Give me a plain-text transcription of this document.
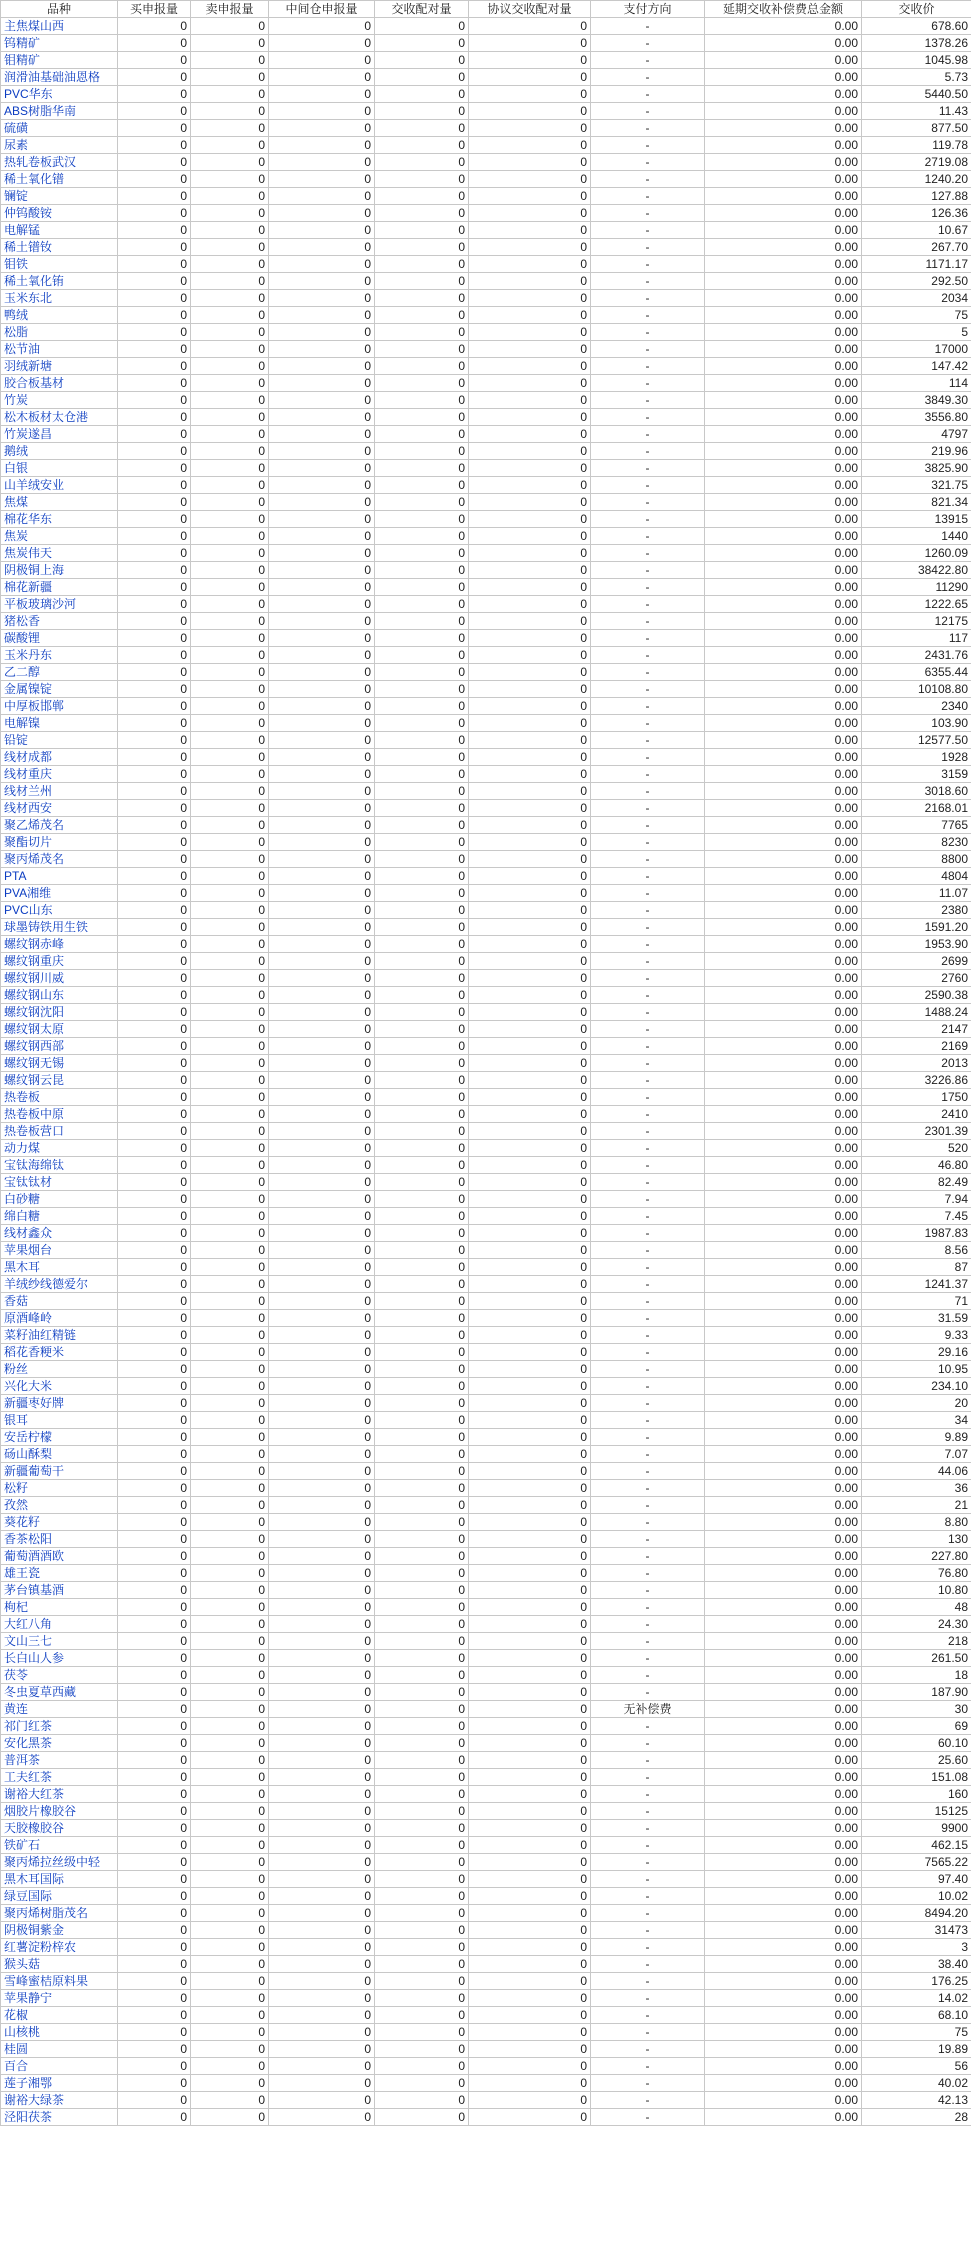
品种	买申报量	卖申报量	中间仓申报量	交收配对量	协议交收配对量	支付方向	延期交收补偿费总金额	交收价
主焦煤山西	0	0	0	0	0	-	0.00	678.60
钨精矿	0	0	0	0	0	-	0.00	1378.26
钼精矿	0	0	0	0	0	-	0.00	1045.98
润滑油基础油恩格	0	0	0	0	0	-	0.00	5.73
PVC华东	0	0	0	0	0	-	0.00	5440.50
ABS树脂华南	0	0	0	0	0	-	0.00	11.43
硫磺	0	0	0	0	0	-	0.00	877.50
尿素	0	0	0	0	0	-	0.00	119.78
热轧卷板武汉	0	0	0	0	0	-	0.00	2719.08
稀土氧化镨	0	0	0	0	0	-	0.00	1240.20
镧锭	0	0	0	0	0	-	0.00	127.88
仲钨酸铵	0	0	0	0	0	-	0.00	126.36
电解锰	0	0	0	0	0	-	0.00	10.67
稀土镨钕	0	0	0	0	0	-	0.00	267.70
钼铁	0	0	0	0	0	-	0.00	1171.17
稀土氧化铕	0	0	0	0	0	-	0.00	292.50
玉米东北	0	0	0	0	0	-	0.00	2034
鸭绒	0	0	0	0	0	-	0.00	75
松脂	0	0	0	0	0	-	0.00	5
松节油	0	0	0	0	0	-	0.00	17000
羽绒新塘	0	0	0	0	0	-	0.00	147.42
胶合板基材	0	0	0	0	0	-	0.00	114
竹炭	0	0	0	0	0	-	0.00	3849.30
松木板材太仓港	0	0	0	0	0	-	0.00	3556.80
竹炭遂昌	0	0	0	0	0	-	0.00	4797
鹅绒	0	0	0	0	0	-	0.00	219.96
白银	0	0	0	0	0	-	0.00	3825.90
山羊绒安业	0	0	0	0	0	-	0.00	321.75
焦煤	0	0	0	0	0	-	0.00	821.34
棉花华东	0	0	0	0	0	-	0.00	13915
焦炭	0	0	0	0	0	-	0.00	1440
焦炭伟天	0	0	0	0	0	-	0.00	1260.09
阴极铜上海	0	0	0	0	0	-	0.00	38422.80
棉花新疆	0	0	0	0	0	-	0.00	11290
平板玻璃沙河	0	0	0	0	0	-	0.00	1222.65
猪松香	0	0	0	0	0	-	0.00	12175
碳酸锂	0	0	0	0	0	-	0.00	117
玉米丹东	0	0	0	0	0	-	0.00	2431.76
乙二醇	0	0	0	0	0	-	0.00	6355.44
金属镍锭	0	0	0	0	0	-	0.00	10108.80
中厚板邯郸	0	0	0	0	0	-	0.00	2340
电解镍	0	0	0	0	0	-	0.00	103.90
铅锭	0	0	0	0	0	-	0.00	12577.50
线材成都	0	0	0	0	0	-	0.00	1928
线材重庆	0	0	0	0	0	-	0.00	3159
线材兰州	0	0	0	0	0	-	0.00	3018.60
线材西安	0	0	0	0	0	-	0.00	2168.01
聚乙烯茂名	0	0	0	0	0	-	0.00	7765
聚酯切片	0	0	0	0	0	-	0.00	8230
聚丙烯茂名	0	0	0	0	0	-	0.00	8800
PTA	0	0	0	0	0	-	0.00	4804
PVA湘维	0	0	0	0	0	-	0.00	11.07
PVC山东	0	0	0	0	0	-	0.00	2380
球墨铸铁用生铁	0	0	0	0	0	-	0.00	1591.20
螺纹钢赤峰	0	0	0	0	0	-	0.00	1953.90
螺纹钢重庆	0	0	0	0	0	-	0.00	2699
螺纹钢川威	0	0	0	0	0	-	0.00	2760
螺纹钢山东	0	0	0	0	0	-	0.00	2590.38
螺纹钢沈阳	0	0	0	0	0	-	0.00	1488.24
螺纹钢太原	0	0	0	0	0	-	0.00	2147
螺纹钢西部	0	0	0	0	0	-	0.00	2169
螺纹钢无锡	0	0	0	0	0	-	0.00	2013
螺纹钢云昆	0	0	0	0	0	-	0.00	3226.86
热卷板	0	0	0	0	0	-	0.00	1750
热卷板中原	0	0	0	0	0	-	0.00	2410
热卷板营口	0	0	0	0	0	-	0.00	2301.39
动力煤	0	0	0	0	0	-	0.00	520
宝钛海绵钛	0	0	0	0	0	-	0.00	46.80
宝钛钛材	0	0	0	0	0	-	0.00	82.49
白砂糖	0	0	0	0	0	-	0.00	7.94
绵白糖	0	0	0	0	0	-	0.00	7.45
线材鑫众	0	0	0	0	0	-	0.00	1987.83
苹果烟台	0	0	0	0	0	-	0.00	8.56
黑木耳	0	0	0	0	0	-	0.00	87
羊绒纱线德爱尔	0	0	0	0	0	-	0.00	1241.37
香菇	0	0	0	0	0	-	0.00	71
原酒峰岭	0	0	0	0	0	-	0.00	31.59
菜籽油红精链	0	0	0	0	0	-	0.00	9.33
稻花香粳米	0	0	0	0	0	-	0.00	29.16
粉丝	0	0	0	0	0	-	0.00	10.95
兴化大米	0	0	0	0	0	-	0.00	234.10
新疆枣好牌	0	0	0	0	0	-	0.00	20
银耳	0	0	0	0	0	-	0.00	34
安岳柠檬	0	0	0	0	0	-	0.00	9.89
砀山酥梨	0	0	0	0	0	-	0.00	7.07
新疆葡萄干	0	0	0	0	0	-	0.00	44.06
松籽	0	0	0	0	0	-	0.00	36
孜然	0	0	0	0	0	-	0.00	21
葵花籽	0	0	0	0	0	-	0.00	8.80
香茶松阳	0	0	0	0	0	-	0.00	130
葡萄酒酒欧	0	0	0	0	0	-	0.00	227.80
雄王瓷	0	0	0	0	0	-	0.00	76.80
茅台镇基酒	0	0	0	0	0	-	0.00	10.80
枸杞	0	0	0	0	0	-	0.00	48
大红八角	0	0	0	0	0	-	0.00	24.30
文山三七	0	0	0	0	0	-	0.00	218
长白山人参	0	0	0	0	0	-	0.00	261.50
茯苓	0	0	0	0	0	-	0.00	18
冬虫夏草西藏	0	0	0	0	0	-	0.00	187.90
黄连	0	0	0	0	0	无补偿费	0.00	30
祁门红茶	0	0	0	0	0	-	0.00	69
安化黑茶	0	0	0	0	0	-	0.00	60.10
普洱茶	0	0	0	0	0	-	0.00	25.60
工夫红茶	0	0	0	0	0	-	0.00	151.08
谢裕大红茶	0	0	0	0	0	-	0.00	160
烟胶片橡胶谷	0	0	0	0	0	-	0.00	15125
天胶橡胶谷	0	0	0	0	0	-	0.00	9900
铁矿石	0	0	0	0	0	-	0.00	462.15
聚丙烯拉丝级中轻	0	0	0	0	0	-	0.00	7565.22
黑木耳国际	0	0	0	0	0	-	0.00	97.40
绿豆国际	0	0	0	0	0	-	0.00	10.02
聚丙烯树脂茂名	0	0	0	0	0	-	0.00	8494.20
阴极铜紫金	0	0	0	0	0	-	0.00	31473
红薯淀粉梓农	0	0	0	0	0	-	0.00	3
猴头菇	0	0	0	0	0	-	0.00	38.40
雪峰蜜桔原料果	0	0	0	0	0	-	0.00	176.25
苹果静宁	0	0	0	0	0	-	0.00	14.02
花椒	0	0	0	0	0	-	0.00	68.10
山核桃	0	0	0	0	0	-	0.00	75
桂圆	0	0	0	0	0	-	0.00	19.89
百合	0	0	0	0	0	-	0.00	56
莲子湘鄂	0	0	0	0	0	-	0.00	40.02
谢裕大绿茶	0	0	0	0	0	-	0.00	42.13
泾阳茯茶	0	0	0	0	0	-	0.00	28
